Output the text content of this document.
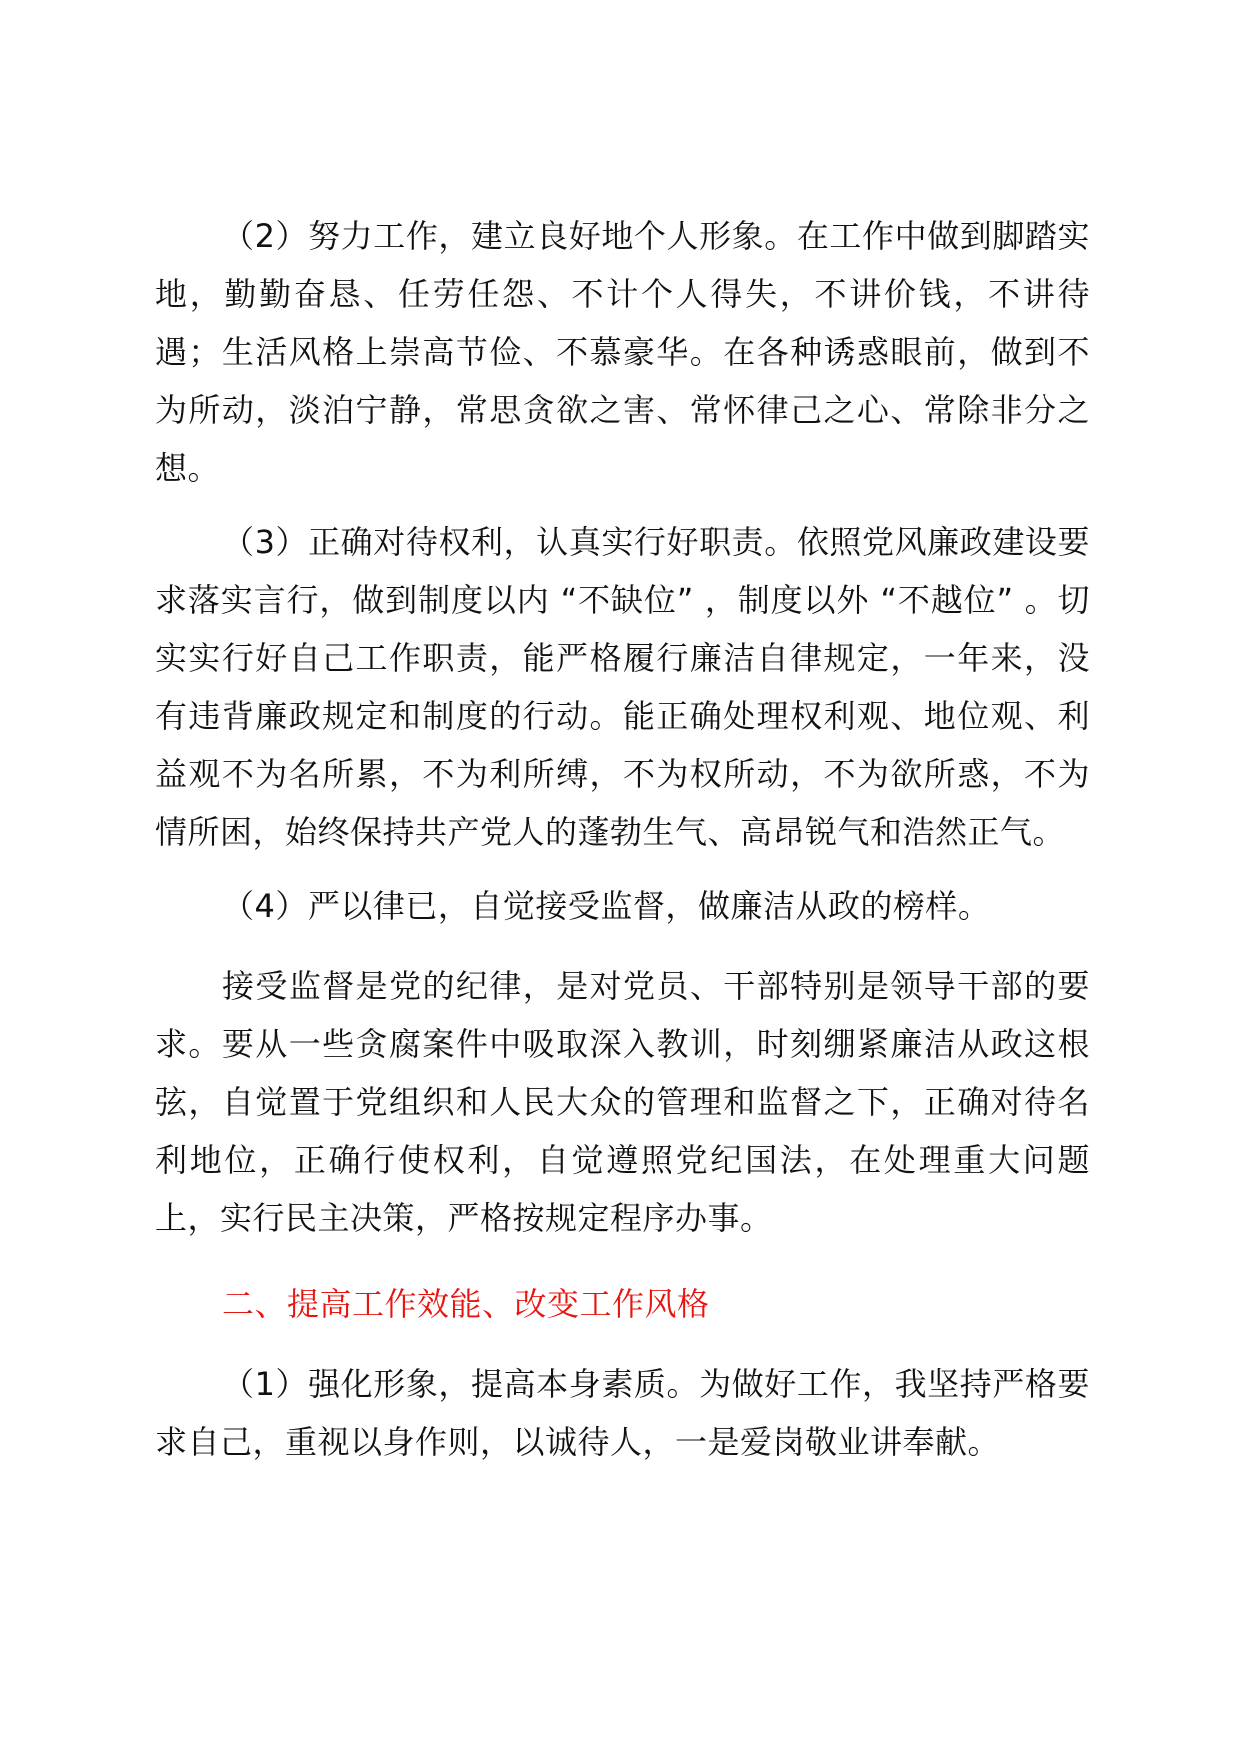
（2）努力工作，建立良好地个人形象。在工作中做到脚踏实地，勤勤奋恳、任劳任怨、不计个人得失，不讲价钱，不讲待遇；生活风格上崇高节俭、不慕豪华。在各种诱惑眼前，做到不为所动，淡泊宁静，常思贪欲之害、常怀律己之心、常除非分之想。

（3）正确对待权利，认真实行好职责。依照党风廉政建设要求落实言行，做到制度以内 “不缺位” ，制度以外 “不越位” 。切实实行好自己工作职责，能严格履行廉洁自律规定，一年来，没有违背廉政规定和制度的行动。能正确处理权利观、地位观、利益观不为名所累，不为利所缚，不为权所动，不为欲所惑，不为情所困，始终保持共产党人的蓬勃生气、高昂锐气和浩然正气。

（4）严以律已，自觉接受监督，做廉洁从政的榜样。

接受监督是党的纪律，是对党员、干部特别是领导干部的要求。要从一些贪腐案件中吸取深入教训，时刻绷紧廉洁从政这根弦，自觉置于党组织和人民大众的管理和监督之下，正确对待名利地位，正确行使权利，自觉遵照党纪国法，在处理重大问题上，实行民主决策，严格按规定程序办事。

二、提高工作效能、改变工作风格

（1）强化形象，提高本身素质。为做好工作，我坚持严格要求自己，重视以身作则，以诚待人，一是爱岗敬业讲奉献。
